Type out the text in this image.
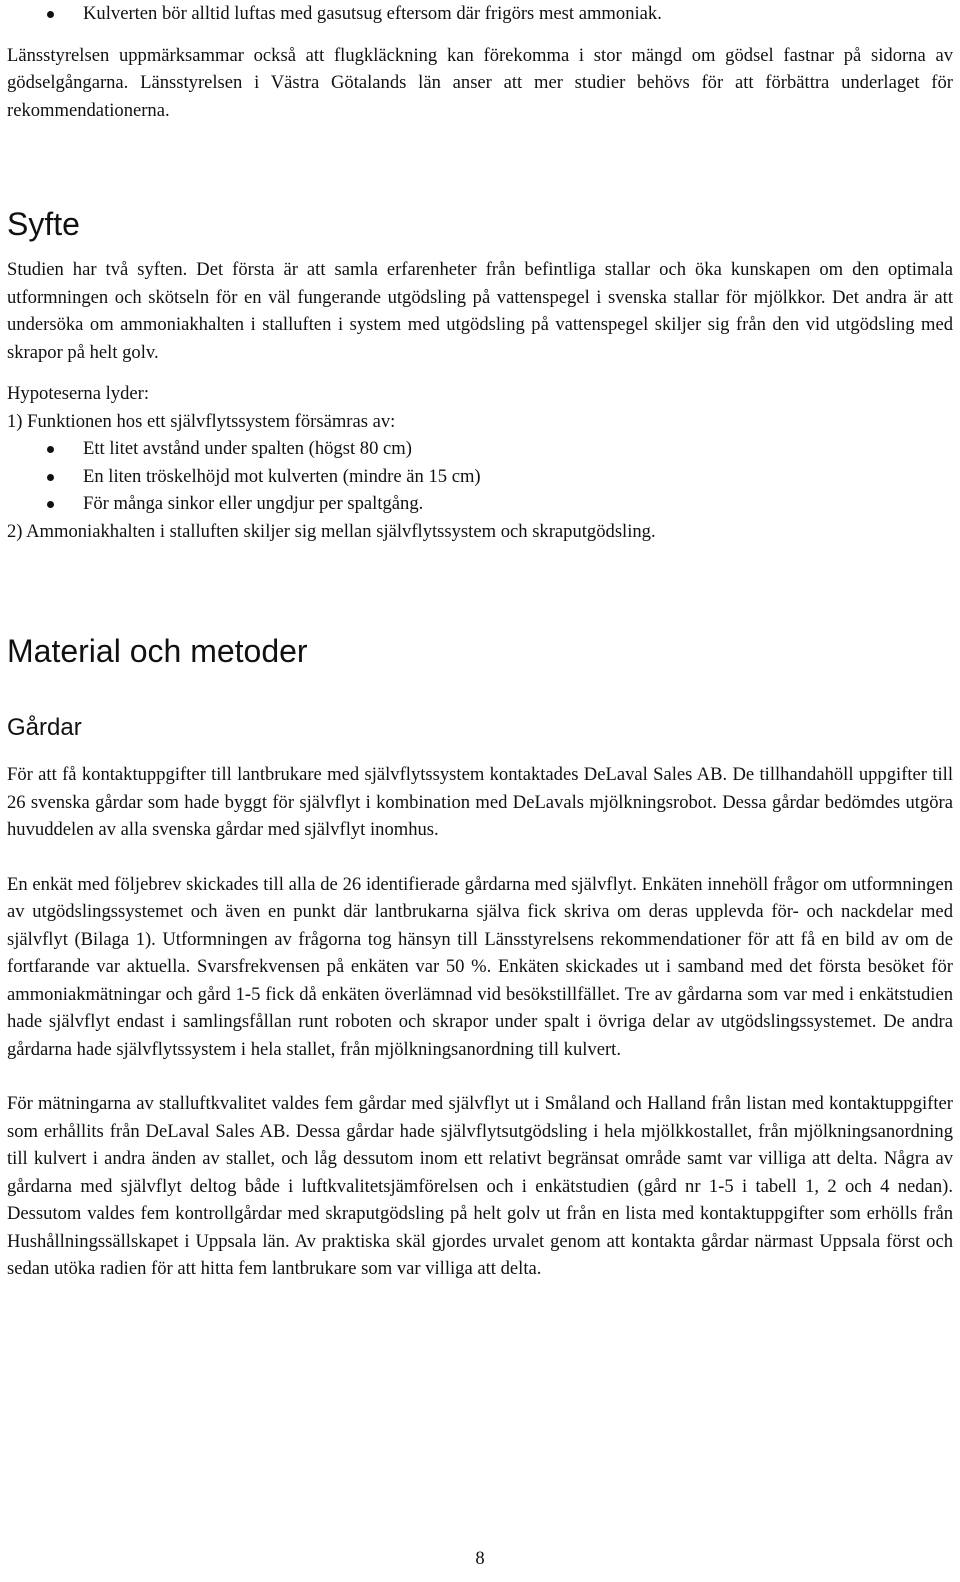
Kulverten bör alltid luftas med gasutsug eftersom där frigörs mest ammoniak.

Länsstyrelsen uppmärksammar också att flugkläckning kan förekomma i stor mängd om gödsel fastnar på sidorna av gödselgångarna. Länsstyrelsen i Västra Götalands län anser att mer studier behövs för att förbättra underlaget för rekommendationerna.

Syfte

Studien har två syften. Det första är att samla erfarenheter från befintliga stallar och öka kunskapen om den optimala utformningen och skötseln för en väl fungerande utgödsling på vattenspegel i svenska stallar för mjölkkor. Det andra är att undersöka om ammoniakhalten i stalluften i system med utgödsling på vattenspegel skiljer sig från den vid utgödsling med skrapor på helt golv.

Hypoteserna lyder:

1) Funktionen hos ett självflytssystem försämras av:

Ett litet avstånd under spalten (högst 80 cm)
En liten tröskelhöjd mot kulverten (mindre än 15 cm)
För många sinkor eller ungdjur per spaltgång.

2) Ammoniakhalten i stalluften skiljer sig mellan självflytssystem och skraputgödsling.

Material och metoder
Gårdar

För att få kontaktuppgifter till lantbrukare med självflytssystem kontaktades DeLaval Sales AB. De tillhandahöll uppgifter till 26 svenska gårdar som hade byggt för självflyt i kombination med DeLavals mjölkningsrobot. Dessa gårdar bedömdes utgöra huvuddelen av alla svenska gårdar med självflyt inomhus.

En enkät med följebrev skickades till alla de 26 identifierade gårdarna med självflyt. Enkäten innehöll frågor om utformningen av utgödslingssystemet och även en punkt där lantbrukarna själva fick skriva om deras upplevda för- och nackdelar med självflyt (Bilaga 1). Utformningen av frågorna tog hänsyn till Länsstyrelsens rekommendationer för att få en bild av om de fortfarande var aktuella. Svarsfrekvensen på enkäten var 50 %. Enkäten skickades ut i samband med det första besöket för ammoniakmätningar och gård 1-5 fick då enkäten överlämnad vid besökstillfället. Tre av gårdarna som var med i enkätstudien hade självflyt endast i samlingsfållan runt roboten och skrapor under spalt i övriga delar av utgödslingssystemet. De andra gårdarna hade självflytssystem i hela stallet, från mjölkningsanordning till kulvert.

För mätningarna av stalluftkvalitet valdes fem gårdar med självflyt ut i Småland och Halland från listan med kontaktuppgifter som erhållits från DeLaval Sales AB. Dessa gårdar hade självflytsutgödsling i hela mjölkkostallet, från mjölkningsanordning till kulvert i andra änden av stallet, och låg dessutom inom ett relativt begränsat område samt var villiga att delta. Några av gårdarna med självflyt deltog både i luftkvalitetsjämförelsen och i enkätstudien (gård nr 1-5 i tabell 1, 2 och 4 nedan). Dessutom valdes fem kontrollgårdar med skraputgödsling på helt golv ut från en lista med kontaktuppgifter som erhölls från Hushållningssällskapet i Uppsala län. Av praktiska skäl gjordes urvalet genom att kontakta gårdar närmast Uppsala först och sedan utöka radien för att hitta fem lantbrukare som var villiga att delta.

8
